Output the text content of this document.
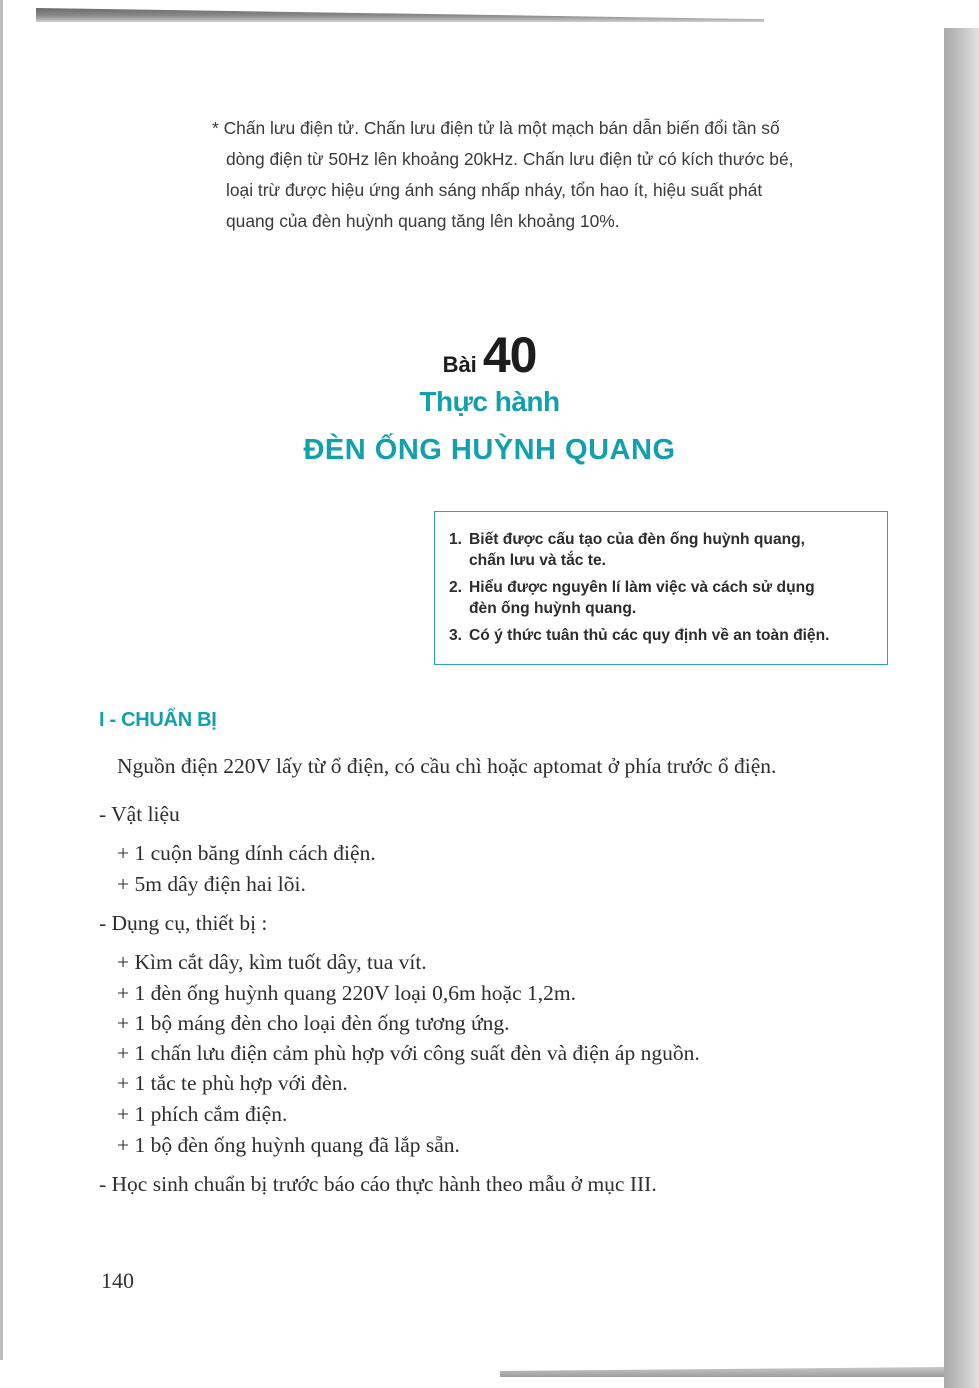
* Chấn lưu điện tử. Chấn lưu điện tử là một mạch bán dẫn biến đổi tần số
dòng điện từ 50Hz lên khoảng 20kHz. Chấn lưu điện tử có kích thước bé,
loại trừ được hiệu ứng ánh sáng nhấp nháy, tổn hao ít, hiệu suất phát
quang của đèn huỳnh quang tăng lên khoảng 10%.
Bài 40
Thực hành
ĐÈN ỐNG HUỲNH QUANG
1. Biết được cấu tạo của đèn ống huỳnh quang,
chấn lưu và tắc te.
2. Hiểu được nguyên lí làm việc và cách sử dụng
đèn ống huỳnh quang.
3. Có ý thức tuân thủ các quy định về an toàn điện.
I - CHUẨN BỊ
Nguồn điện 220V lấy từ ổ điện, có cầu chì hoặc aptomat ở phía trước ổ điện.
- Vật liệu
+ 1 cuộn băng dính cách điện.
+ 5m dây điện hai lõi.
- Dụng cụ, thiết bị :
+ Kìm cắt dây, kìm tuốt dây, tua vít.
+ 1 đèn ống huỳnh quang 220V loại 0,6m hoặc 1,2m.
+ 1 bộ máng đèn cho loại đèn ống tương ứng.
+ 1 chấn lưu điện cảm phù hợp với công suất đèn và điện áp nguồn.
+ 1 tắc te phù hợp với đèn.
+ 1 phích cắm điện.
+ 1 bộ đèn ống huỳnh quang đã lắp sẵn.
- Học sinh chuẩn bị trước báo cáo thực hành theo mẫu ở mục III.
140
